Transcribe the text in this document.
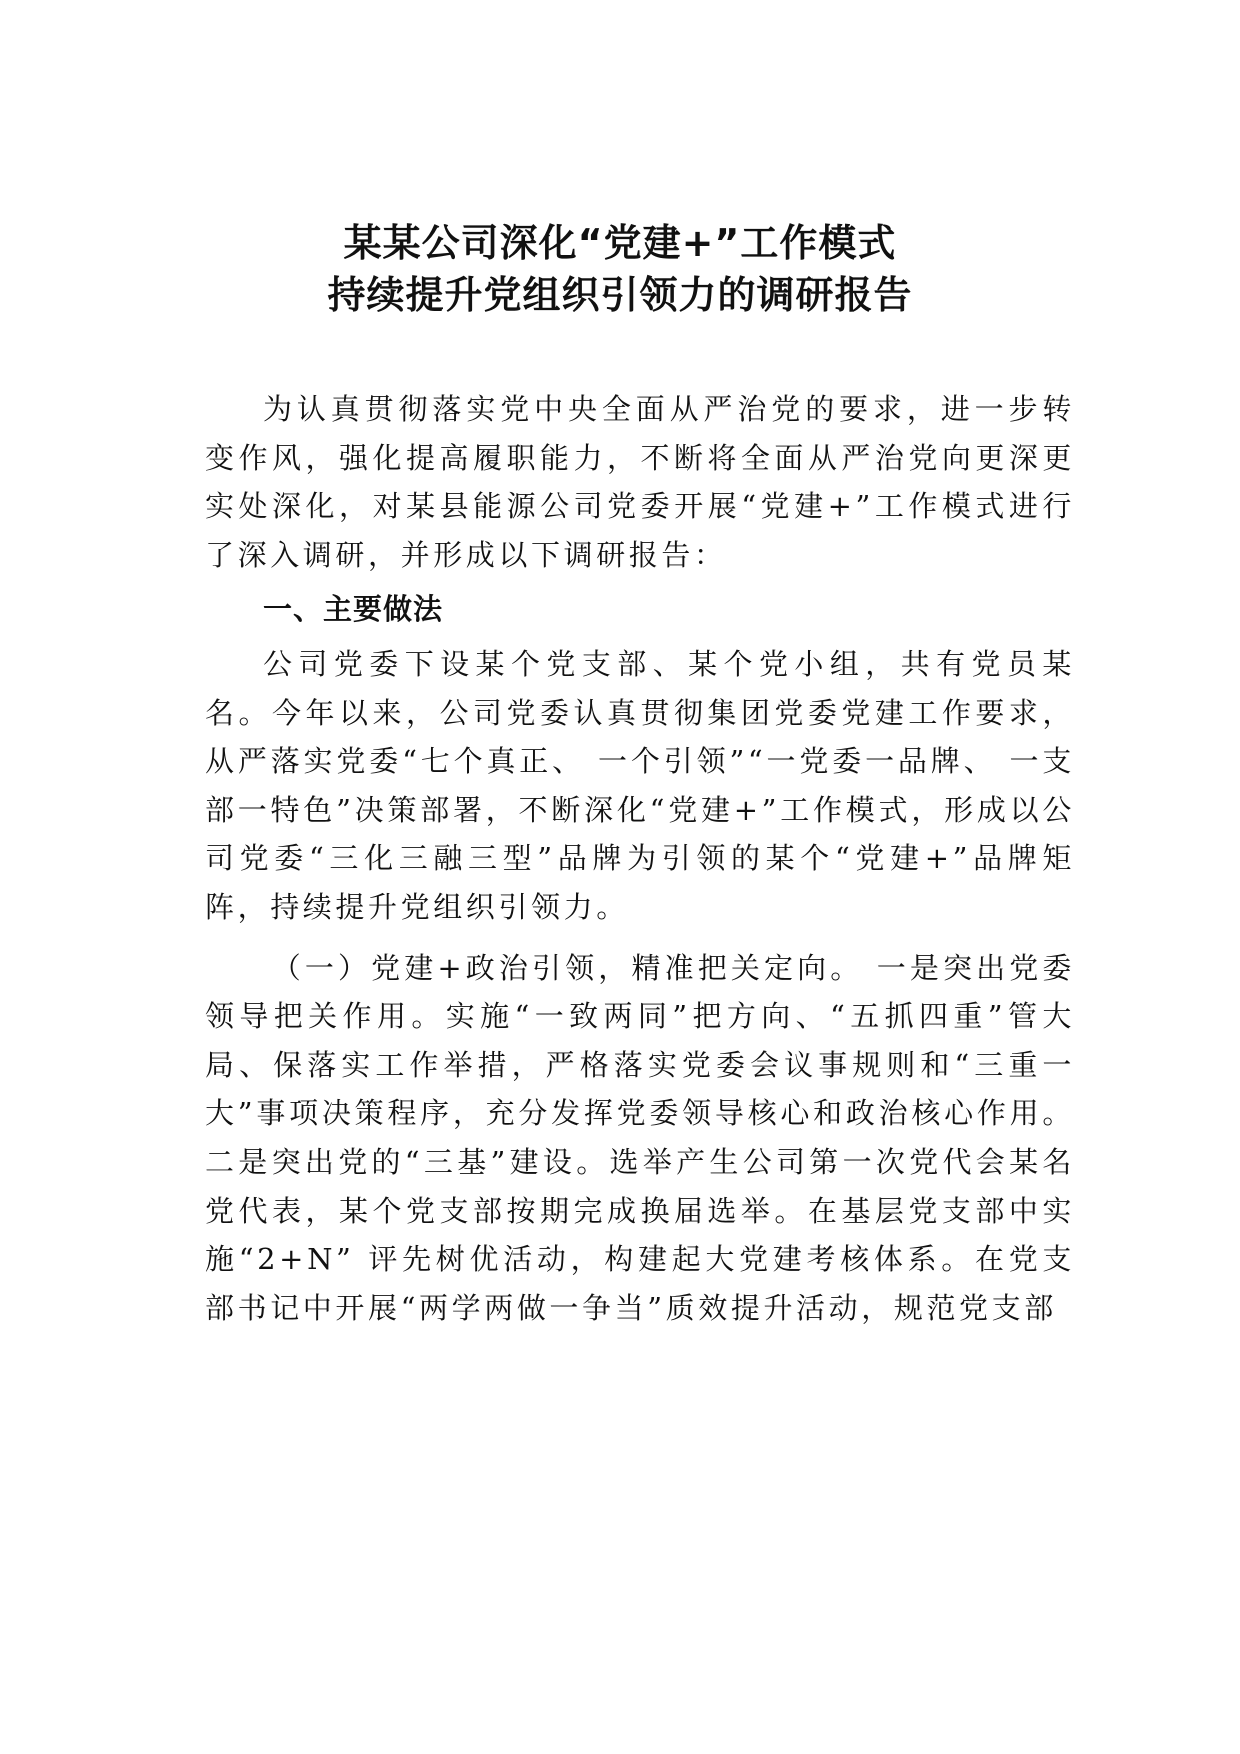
某某公司深化“党建+”工作模式
持续提升党组织引领力的调研报告

为认真贯彻落实党中央全面从严治党的要求，进一步转变作风，强化提高履职能力，不断将全面从严治党向更深更实处深化，对某县能源公司党委开展“党建+”工作模式进行了深入调研，并形成以下调研报告：

一、主要做法

公司党委下设某个党支部、某个党小组，共有党员某名。今年以来，公司党委认真贯彻集团党委党建工作要求，从严落实党委“七个真正、 一个引领”“一党委一品牌、 一支部一特色”决策部署，不断深化“党建+”工作模式，形成以公司党委“三化三融三型”品牌为引领的某个“党建+”品牌矩阵，持续提升党组织引领力。

（一）党建+政治引领，精准把关定向。 一是突出党委领导把关作用。实施“一致两同”把方向、“五抓四重”管大局、保落实工作举措，严格落实党委会议事规则和“三重一大”事项决策程序，充分发挥党委领导核心和政治核心作用。二是突出党的“三基”建设。选举产生公司第一次党代会某名党代表，某个党支部按期完成换届选举。在基层党支部中实施“2+N” 评先树优活动，构建起大党建考核体系。在党支部书记中开展“两学两做一争当”质效提升活动，规范党支部
